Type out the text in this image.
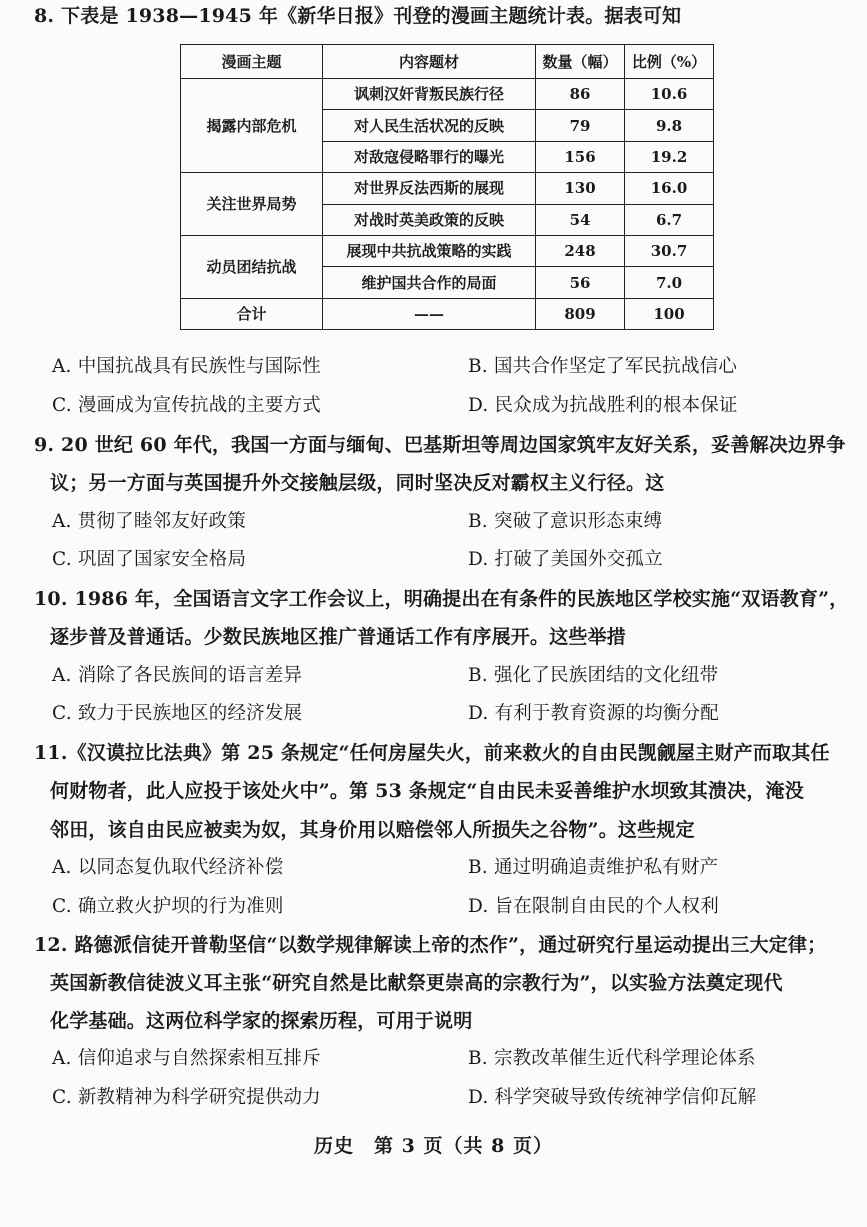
8. 下表是 1938—1945 年《新华日报》刊登的漫画主题统计表。据表可知
漫画主题	内容题材	数量（幅）	比例（%）
揭露内部危机	讽刺汉奸背叛民族行径	86	10.6
	对人民生活状况的反映	79	9.8
	对敌寇侵略罪行的曝光	156	19.2
关注世界局势	对世界反法西斯的展现	130	16.0
	对战时英美政策的反映	54	6.7
动员团结抗战	展现中共抗战策略的实践	248	30.7
	维护国共合作的局面	56	7.0
合计	——	809	100
A. 中国抗战具有民族性与国际性	B. 国共合作坚定了军民抗战信心
C. 漫画成为宣传抗战的主要方式	D. 民众成为抗战胜利的根本保证
9. 20 世纪 60 年代，我国一方面与缅甸、巴基斯坦等周边国家筑牢友好关系，妥善解决边界争
议；另一方面与英国提升外交接触层级，同时坚决反对霸权主义行径。这
A. 贯彻了睦邻友好政策	B. 突破了意识形态束缚
C. 巩固了国家安全格局	D. 打破了美国外交孤立
10. 1986 年，全国语言文字工作会议上，明确提出在有条件的民族地区学校实施“双语教育”，
逐步普及普通话。少数民族地区推广普通话工作有序展开。这些举措
A. 消除了各民族间的语言差异	B. 强化了民族团结的文化纽带
C. 致力于民族地区的经济发展	D. 有利于教育资源的均衡分配
11.《汉谟拉比法典》第 25 条规定“任何房屋失火，前来救火的自由民觊觎屋主财产而取其任
何财物者，此人应投于该处火中”。第 53 条规定“自由民未妥善维护水坝致其溃决，淹没
邻田，该自由民应被卖为奴，其身价用以赔偿邻人所损失之谷物”。这些规定
A. 以同态复仇取代经济补偿	B. 通过明确追责维护私有财产
C. 确立救火护坝的行为准则	D. 旨在限制自由民的个人权利
12. 路德派信徒开普勒坚信“以数学规律解读上帝的杰作”，通过研究行星运动提出三大定律；
英国新教信徒波义耳主张“研究自然是比献祭更崇高的宗教行为”，以实验方法奠定现代
化学基础。这两位科学家的探索历程，可用于说明
A. 信仰追求与自然探索相互排斥	B. 宗教改革催生近代科学理论体系
C. 新教精神为科学研究提供动力	D. 科学突破导致传统神学信仰瓦解
历史　第 3 页（共 8 页）
